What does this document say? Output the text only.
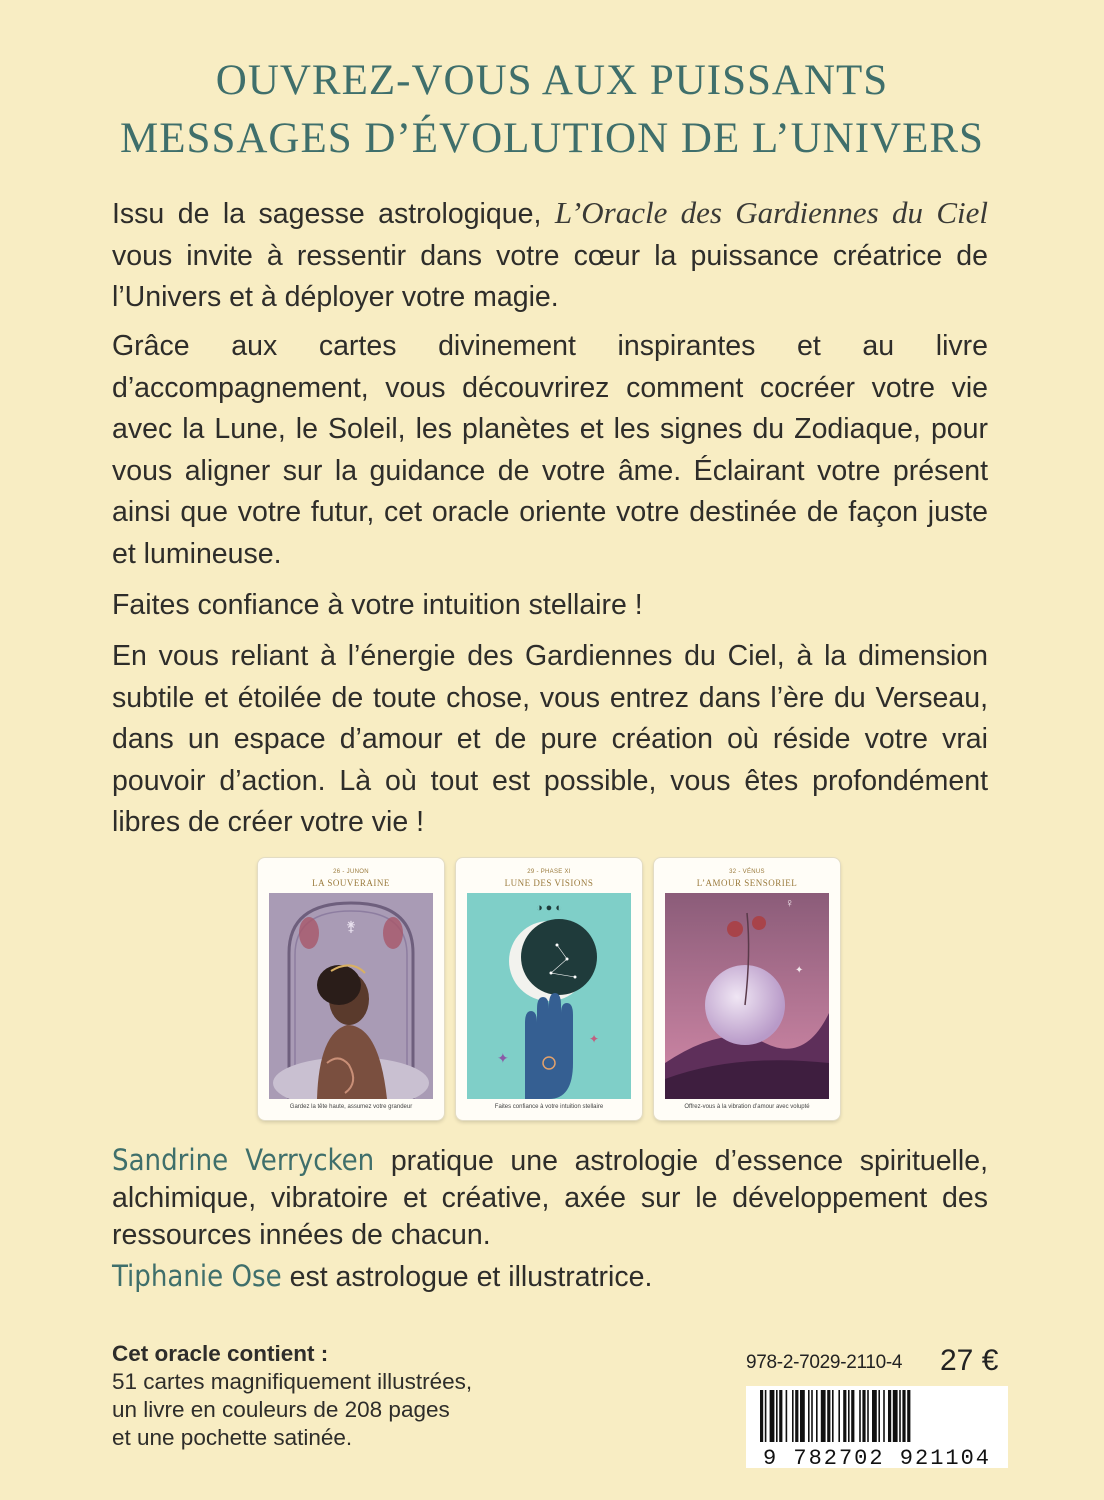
OUVREZ-VOUS AUX PUISSANTS
MESSAGES D’ÉVOLUTION DE L’UNIVERS

Issu de la sagesse astrologique, L’Oracle des Gardiennes du Ciel vous invite à ressentir dans votre cœur la puissance créatrice de l’Univers et à déployer votre magie.

Grâce aux cartes divinement inspirantes et au livre d’accompagnement, vous découvrirez comment cocréer votre vie avec la Lune, le Soleil, les planètes et les signes du Zodiaque, pour vous aligner sur la guidance de votre âme. Éclairant votre présent ainsi que votre futur, cet oracle oriente votre destinée de façon juste et lumineuse.

Faites confiance à votre intuition stellaire !

En vous reliant à l’énergie des Gardiennes du Ciel, à la dimension subtile et étoilée de toute chose, vous entrez dans l’ère du Verseau, dans un espace d’amour et de pure création où réside votre vrai pouvoir d’action. Là où tout est possible, vous êtes profondément libres de créer votre vie !

26 - JUNON
LA SOUVERAINE
⚵
Gardez la tête haute, assumez votre grandeur
29 - PHASE XI
LUNE DES VISIONS
◑ ● ◐
✦
✦
Faites confiance à votre intuition stellaire
32 - VÉNUS
L’AMOUR SENSORIEL
♀
✦
Offrez-vous à la vibration d’amour avec volupté

Sandrine Verrycken pratique une astrologie d’essence spirituelle, alchimique, vibratoire et créative, axée sur le développement des ressources innées de chacun.

Tiphanie Ose est astrologue et illustratrice.

Cet oracle contient :
51 cartes magnifiquement illustrées,
un livre en couleurs de 208 pages
et une pochette satinée.
978-2-7029-2110-4 27 €
9 782702 921104
